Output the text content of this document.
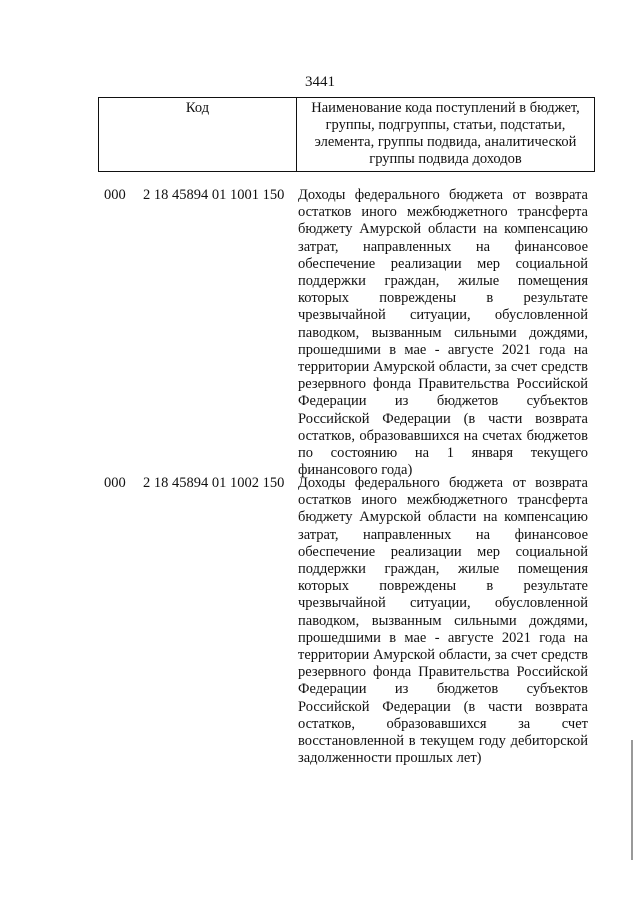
3441
Код	Наименование кода поступлений в бюджет, группы, подгруппы, статьи, подстатьи, элемента, группы подвида, аналитической группы подвида доходов
000 2 18 45894 01 1001 150 Доходы федерального бюджета от возврата
остатков иного межбюджетного трансферта
бюджету Амурской области на компенсацию
затрат, направленных на финансовое
обеспечение реализации мер социальной
поддержки граждан, жилые помещения
которых повреждены в результате
чрезвычайной ситуации, обусловленной
паводком, вызванным сильными дождями,
прошедшими в мае - августе 2021 года на
территории Амурской области, за счет средств
резервного фонда Правительства Российской
Федерации из бюджетов субъектов
Российской Федерации (в части возврата
остатков, образовавшихся на счетах бюджетов
по состоянию на 1 января текущего
финансового года)
000 2 18 45894 01 1002 150 Доходы федерального бюджета от возврата
остатков иного межбюджетного трансферта
бюджету Амурской области на компенсацию
затрат, направленных на финансовое
обеспечение реализации мер социальной
поддержки граждан, жилые помещения
которых повреждены в результате
чрезвычайной ситуации, обусловленной
паводком, вызванным сильными дождями,
прошедшими в мае - августе 2021 года на
территории Амурской области, за счет средств
резервного фонда Правительства Российской
Федерации из бюджетов субъектов
Российской Федерации (в части возврата
остатков, образовавшихся за счет
восстановленной в текущем году дебиторской
задолженности прошлых лет)
